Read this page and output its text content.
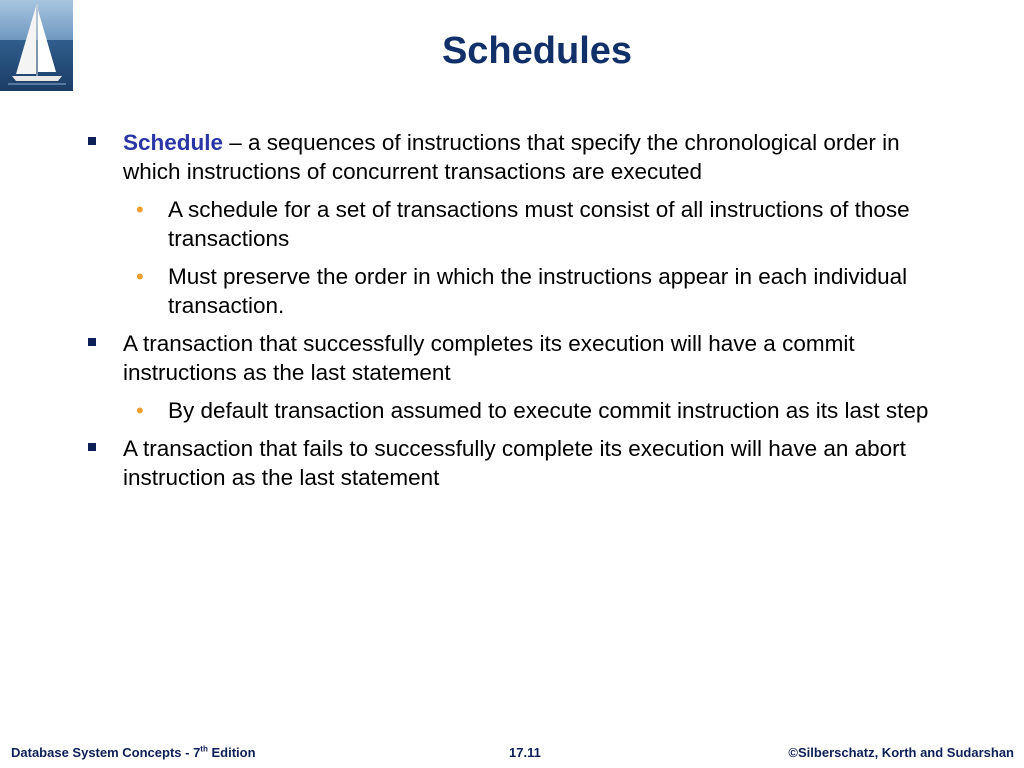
Schedules
Schedule – a sequences of instructions that specify the chronological order in which instructions of concurrent transactions are executed
• A schedule for a set of transactions must consist of all instructions of those transactions
• Must preserve the order in which the instructions appear in each individual transaction.
A transaction that successfully completes its execution will have a commit instructions as the last statement
• By default transaction assumed to execute commit instruction as its last step
A transaction that fails to successfully complete its execution will have an abort instruction as the last statement
Database System Concepts - 7th Edition	17.11	©Silberschatz, Korth and Sudarshan
